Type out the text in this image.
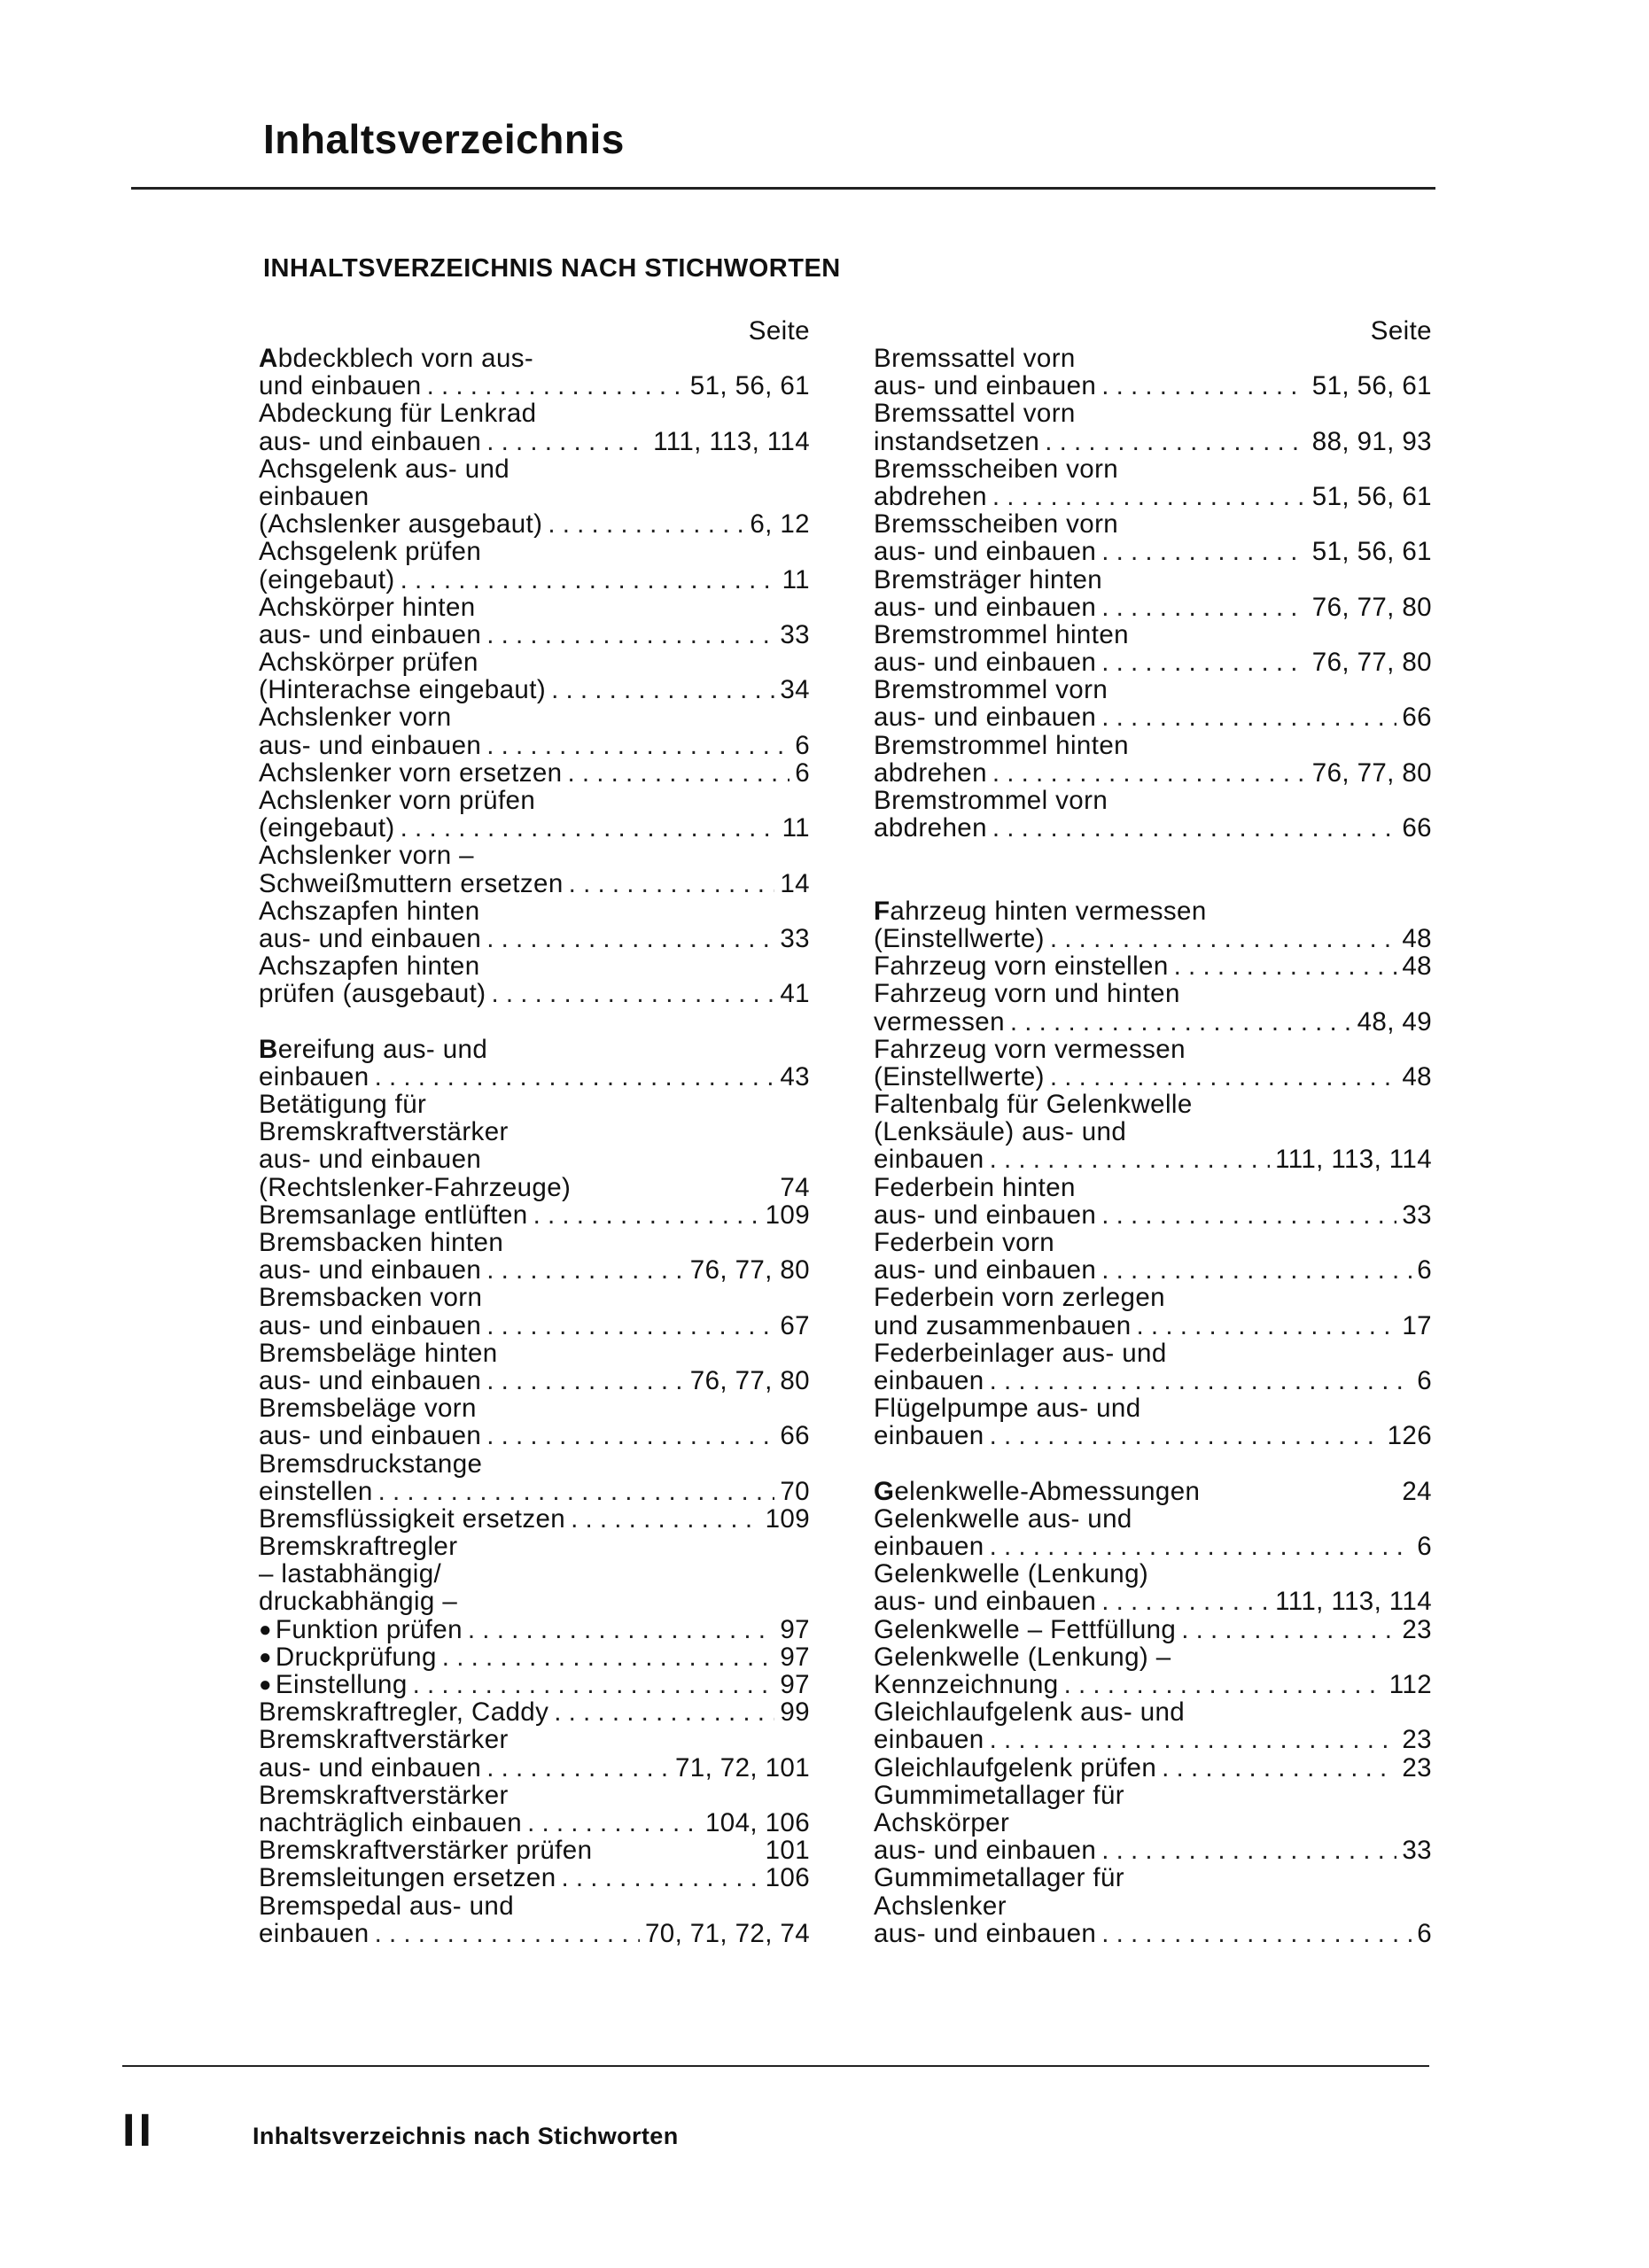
Inhaltsverzeichnis
INHALTSVERZEICHNIS NACH STICHWORTEN
Seite
Abdeckblech vorn aus-
und einbauen . . .	51, 56, 61
Abdeckung für Lenkrad
aus- und einbauen . . .	111, 113, 114
Achsgelenk aus- und
einbauen
(Achslenker ausgebaut) . . .	6, 12
Achsgelenk prüfen
(eingebaut) . . .	11
Achskörper hinten
aus- und einbauen . . .	33
Achskörper prüfen
(Hinterachse eingebaut) . . .	34
Achslenker vorn
aus- und einbauen . . .	6
Achslenker vorn ersetzen . . .	6
Achslenker vorn prüfen
(eingebaut) . . .	11
Achslenker vorn –
Schweißmuttern ersetzen . . .	14
Achszapfen hinten
aus- und einbauen . . .	33
Achszapfen hinten
prüfen (ausgebaut) . . .	41
Bereifung aus- und
einbauen . . .	43
Betätigung für
Bremskraftverstärker
aus- und einbauen
(Rechtslenker-Fahrzeuge)	74
Bremsanlage entlüften . . .	109
Bremsbacken hinten
aus- und einbauen . . .	76, 77, 80
Bremsbacken vorn
aus- und einbauen . . .	67
Bremsbeläge hinten
aus- und einbauen . . .	76, 77, 80
Bremsbeläge vorn
aus- und einbauen . . .	66
Bremsdruckstange
einstellen . . .	70
Bremsflüssigkeit ersetzen . . .	109
Bremskraftregler
– lastabhängig/
druckabhängig –
● Funktion prüfen . . .	97
● Druckprüfung . . .	97
● Einstellung . . .	97
Bremskraftregler, Caddy . . .	99
Bremskraftverstärker
aus- und einbauen . . .	71, 72, 101
Bremskraftverstärker
nachträglich einbauen . . .	104, 106
Bremskraftverstärker prüfen	101
Bremsleitungen ersetzen . . .	106
Bremspedal aus- und
einbauen . . .	70, 71, 72, 74
Seite
Bremssattel vorn
aus- und einbauen . . .	51, 56, 61
Bremssattel vorn
instandsetzen . . .	88, 91, 93
Bremsscheiben vorn
abdrehen . . .	51, 56, 61
Bremsscheiben vorn
aus- und einbauen . . .	51, 56, 61
Bremsträger hinten
aus- und einbauen . . .	76, 77, 80
Bremstrommel hinten
aus- und einbauen . . .	76, 77, 80
Bremstrommel vorn
aus- und einbauen . . .	66
Bremstrommel hinten
abdrehen . . .	76, 77, 80
Bremstrommel vorn
abdrehen . . .	66
Fahrzeug hinten vermessen
(Einstellwerte) . . .	48
Fahrzeug vorn einstellen . . .	48
Fahrzeug vorn und hinten
vermessen . . .	48, 49
Fahrzeug vorn vermessen
(Einstellwerte) . . .	48
Faltenbalg für Gelenkwelle
(Lenksäule) aus- und
einbauen . . .	111, 113, 114
Federbein hinten
aus- und einbauen . . .	33
Federbein vorn
aus- und einbauen . . .	6
Federbein vorn zerlegen
und zusammenbauen . . .	17
Federbeinlager aus- und
einbauen . . .	6
Flügelpumpe aus- und
einbauen . . .	126
Gelenkwelle-Abmessungen	24
Gelenkwelle aus- und
einbauen . . .	6
Gelenkwelle (Lenkung)
aus- und einbauen . . .	111, 113, 114
Gelenkwelle – Fettfüllung . . .	23
Gelenkwelle (Lenkung) –
Kennzeichnung . . .	112
Gleichlaufgelenk aus- und
einbauen . . .	23
Gleichlaufgelenk prüfen . . .	23
Gummimetallager für
Achskörper
aus- und einbauen . . .	33
Gummimetallager für
Achslenker
aus- und einbauen . . .	6
II	Inhaltsverzeichnis nach Stichworten
